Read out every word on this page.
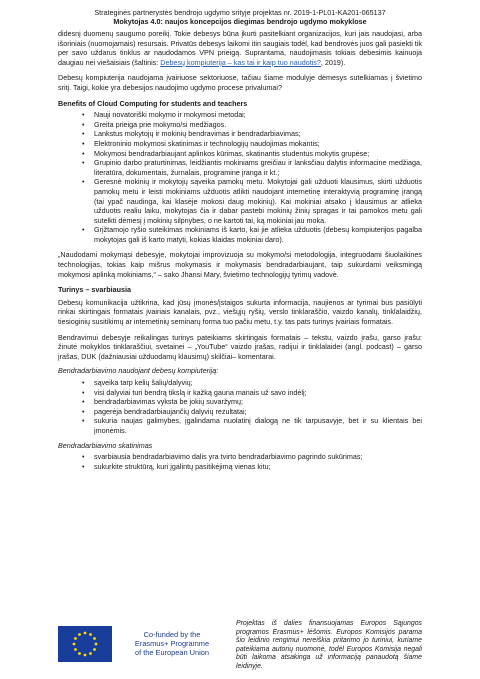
Strateginės partnerystės bendrojo ugdymo srityje projektas nr. 2019-1-PL01-KA201-065137
Mokytojas 4.0: naujos koncepcijos diegimas bendrojo ugdymo mokyklose

didesnį duomenų saugumo poreikį. Tokie debesys būna įkurti pasitelkiant organizacijos, kuri jais naudojasi, arba išoriniais (nuomojamais) resursais. Privatūs debesys laikomi itin saugiais todėl, kad bendrovės juos gali pasiekti tik per savo uždarus tinklus ar naudodamos VPN prieigą. Suprantama, naudojimasis tokiais debesimis kainuoja daugiau nei viešaisiais (šaltinis: Debesų kompiuterija – kas tai ir kaip tuo naudotis?, 2019).

Debesų kompiuterija naudojama įvairiuose sektoriuose, tačiau šiame modulyje dėmesys sutelkiamas į švietimo sritį. Taigi, kokie yra debesijos naudojimo ugdymo procese privalumai?

Benefits of Cloud Computing for students and teachers
• Nauji novatoriški mokymo ir mokymosi metodai;
• Greita prieiga prie mokymo/si medžiagos.
• Lankstus mokytojų ir mokinių bendravimas ir bendradarbiavimas;
• Elektroninio mokymosi skatinimas ir technologijų naudojimas mokantis;
• Mokymosi bendradarbiaujant aplinkos kūrimas, skatinantis studentus mokytis grupėse;
• Grupinio darbo praturtinimas, leidžiantis mokiniams greičiau ir lanksčiau dalytis informacine medžiaga, literatūra, dokumentais, žurnalais, programine įranga ir kt.;
• Geresnė mokinių ir mokytojų sąveika pamokų metu. Mokytojai gali užduoti klausimus, skirti užduotis pamokų metu ir leisti mokiniams užduotis atlikti naudojant internetinę interaktyvią programinę įrangą (tai ypač naudinga, kai klasėje mokosi daug mokinių). Kai mokiniai atsako į klausimus ar atlieka užduotis realiu laiku, mokytojas čia ir dabar pastebi mokinių žinių spragas ir tai pamokos metu gali sutelkti dėmesį į mokinių silpnybes, o ne kartoti tai, ką mokiniai jau moka.
• Grįžtamojo ryšio suteikimas mokiniams iš karto, kai jie atlieka užduotis (debesų kompiuterijos pagalba mokytojas gali iš karto matyti, kokias klaidas mokiniai daro).

„Naudodami mokymąsi debesyje, mokytojai improvizuoja su mokymo/si metodologija, integruodami šiuolaikines technologijas, tokias kaip mišrus mokymasis ir mokymasis bendradarbiaujant, taip sukurdami veiksmingą mokymosi aplinką mokiniams,“ – sako Jhansi Mary, švietimo technologijų tyrimų vadovė.

Turinys – svarbiausia

Debesų komunikacija užtikrina, kad jūsų įmonės/įstaigos sukurta informacija, naujienos ar tyrimai bus pasiūlyti rinkai skirtingais formatais įvairiais kanalais, pvz., viešųjų ryšių, verslo tinklaraščio, vaizdo kanalų, tinklalaidžių, tiesioginių susitikimų ar internetinių seminarų forma tuo pačiu metu, t.y. tas pats turinys įvairiais formatais.

Bendravimui debesyje reikalingas turinys pateikiams skirtingais formatais – tekstu, vaizdo įrašu, garso įrašu: žinutė mokyklos tinklaraščiui, svetainei – „YouTube“ vaizdo įrašas, radijui ir tinklalaidei (angl. podcast) – garso įrašas, DUK (dažniausiai užduodamų klausimų) skilčiai– komentarai.

Bendradarbiavimo naudojant debesų kompiuteriją:
• sąveika tarp kelių šalių/dalyvių;
• visi dalyviai turi bendrą tikslą ir kažką gauna manais už savo indėlį;
• bendradarbiavimas vyksta be jokių suvaržymų;
• pagerėja bendradarbiaujančių dalyvių rezultatai;
• sukuria naujas galimybes, įgalindama nuolatinį dialogą ne tik tarpusavyje, bet ir su klientais bei įmonėmis.
Bendradarbiavimo skatinimas
• svarbiausia bendradarbiavimo dalis yra tvirto bendradarbiavimo pagrindo sukūrimas;
• sukurkite struktūrą, kuri įgalintų pasitikėjimą vienas kitu;
Co-funded by the
Erasmus+ Programme
of the European Union
Projektas iš dalies finansuojamas Europos Sąjungos programos Erasmus+ lėšomis. Europos Komisijos parama šio leidinio rengimui nereiškia pritarimo jo turiniui, kuriame pateikiama autorių nuomonė, todėl Europos Komisija negali būti laikoma atsakinga už informaciją panaudotą šiame leidinyje.
